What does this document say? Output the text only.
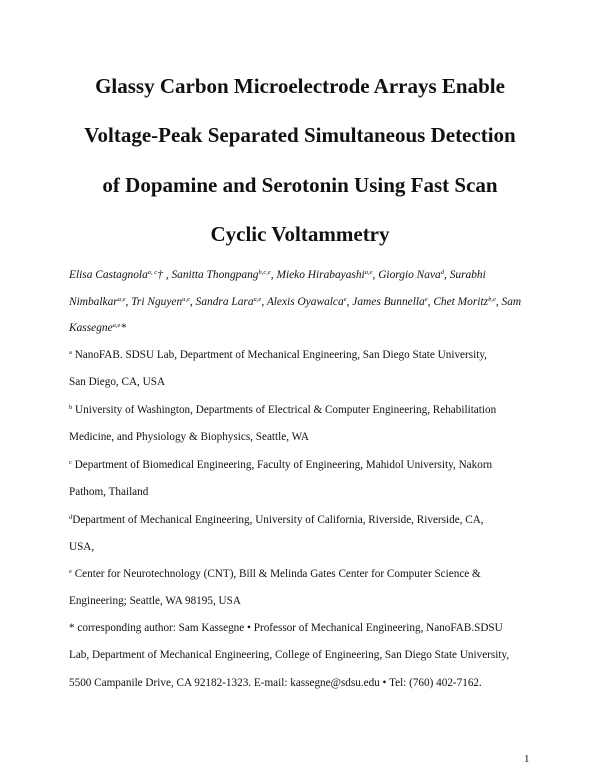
Glassy Carbon Microelectrode Arrays Enable
Voltage-Peak Separated Simultaneous Detection
of Dopamine and Serotonin Using Fast Scan
Cyclic Voltammetry
Elisa Castagnola$^{a, c}$† , Sanitta Thongpang$^{b,c,e}$, Mieko Hirabayashi$^{a,e}$, Giorgio Nava$^d$, Surabhi Nimbalkar$^{a,e}$, Tri Nguyen$^{a,e}$, Sandra Lara$^{a,e}$, Alexis Oyawalca$^e$, James Bunnella$^e$, Chet Moritz$^{b,e}$, Sam Kassegne$^{a,e}$*
$^a$ NanoFAB. SDSU Lab, Department of Mechanical Engineering, San Diego State University,
San Diego, CA, USA
$^b$ University of Washington, Departments of Electrical & Computer Engineering, Rehabilitation
Medicine, and Physiology & Biophysics, Seattle, WA
$^c$ Department of Biomedical Engineering, Faculty of Engineering, Mahidol University, Nakorn
Pathom, Thailand
$^d$Department of Mechanical Engineering, University of California, Riverside, Riverside, CA,
USA,
$^e$ Center for Neurotechnology (CNT), Bill & Melinda Gates Center for Computer Science &
Engineering; Seattle, WA 98195, USA
* corresponding author: Sam Kassegne • Professor of Mechanical Engineering, NanoFAB.SDSU
Lab, Department of Mechanical Engineering, College of Engineering, San Diego State University,
5500 Campanile Drive, CA 92182-1323. E-mail: kassegne@sdsu.edu • Tel: (760) 402-7162.
1
